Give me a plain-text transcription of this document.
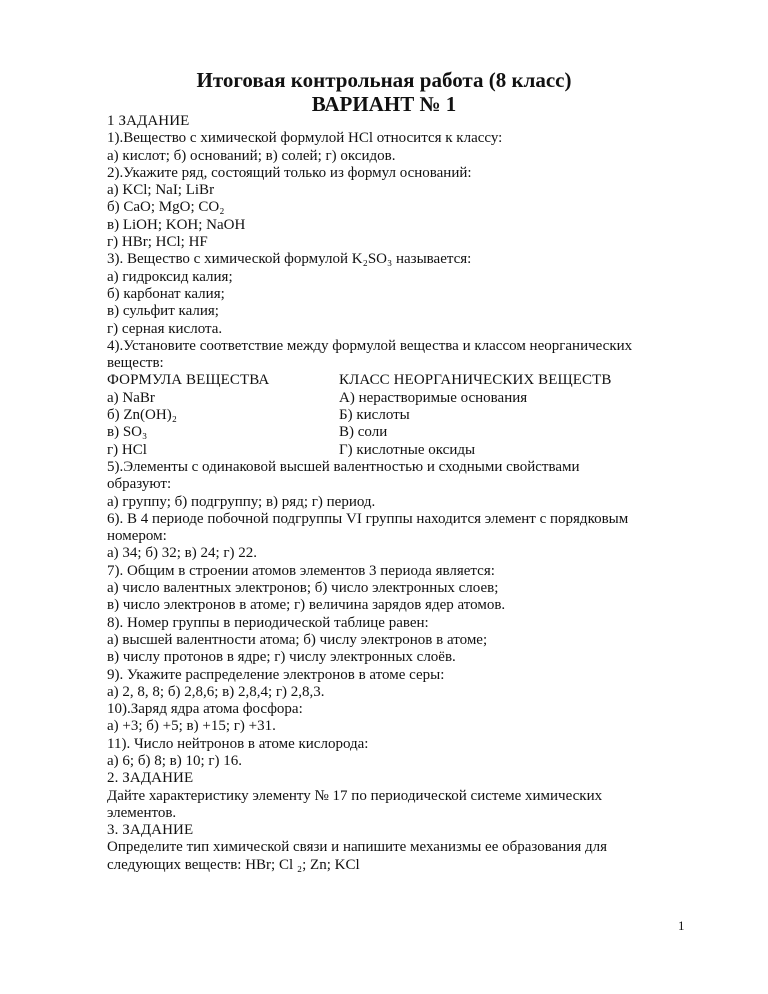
Итоговая контрольная работа (8 класс)
ВАРИАНТ № 1
1 ЗАДАНИЕ
1).Вещество с химической формулой HCl относится к классу:
а) кислот; б) оснований; в) солей; г) оксидов.
2).Укажите ряд, состоящий только из формул оснований:
а) KCl; NaI; LiBr
б) CaO; MgO; CO₂
в) LiOH; KOH; NaOH
г) HBr; HCl; HF
3). Вещество с химической формулой K₂SO₃ называется:
а) гидроксид калия;
б) карбонат калия;
в) сульфит калия;
г) серная кислота.
4).Установите соответствие между формулой вещества и классом неорганических
веществ:
ФОРМУЛА ВЕЩЕСТВА	КЛАСС НЕОРГАНИЧЕСКИХ ВЕЩЕСТВ
а) NaBr	А) нерастворимые основания
б) Zn(OH)₂	Б) кислоты
в) SO₃	В) соли
г) HCl	Г) кислотные оксиды
5).Элементы с одинаковой высшей валентностью и сходными свойствами
образуют:
а) группу; б) подгруппу; в) ряд; г) период.
6). В 4 периоде побочной подгруппы VI группы находится элемент с порядковым
номером:
а) 34; б) 32; в) 24; г) 22.
7). Общим в строении атомов элементов 3 периода является:
а) число валентных электронов; б) число электронных слоев;
в) число электронов в атоме; г) величина зарядов ядер атомов.
8). Номер группы в периодической таблице равен:
а) высшей валентности атома; б) числу электронов в атоме;
в) числу протонов в ядре; г) числу электронных слоёв.
9). Укажите распределение электронов в атоме серы:
а) 2, 8, 8; б) 2,8,6; в) 2,8,4; г) 2,8,3.
10).Заряд ядра атома фосфора:
а) +3; б) +5; в) +15; г) +31.
11). Число нейтронов в атоме кислорода:
а) 6; б) 8; в) 10; г) 16.
2. ЗАДАНИЕ
Дайте характеристику элементу № 17 по периодической системе химических
элементов.
3. ЗАДАНИЕ
Определите тип химической связи и напишите механизмы ее образования для
следующих веществ: HBr; Cl ₂; Zn; KCl
1
